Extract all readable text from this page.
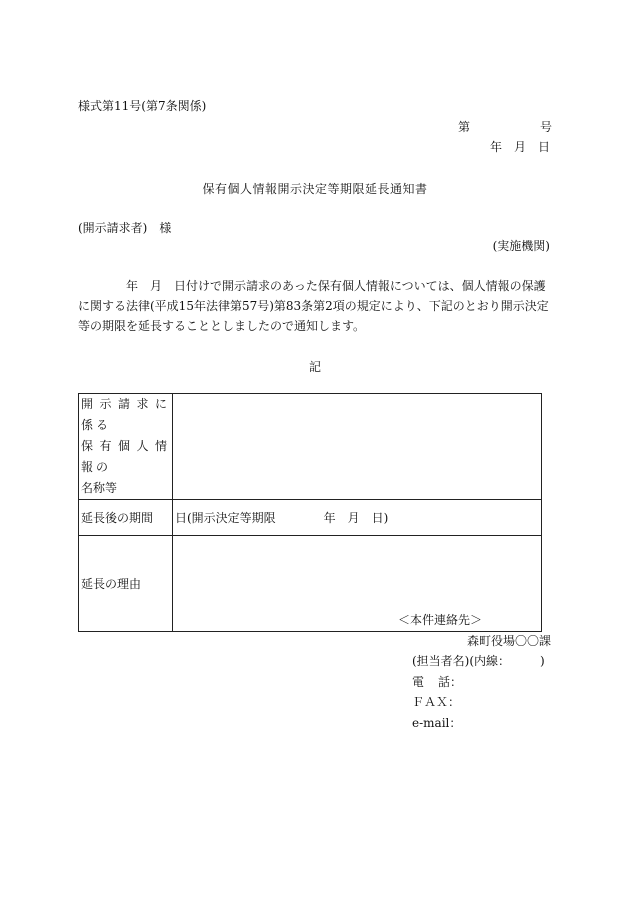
様式第11号(第7条関係)
第	号
年　月　日
保有個人情報開示決定等期限延長通知書
(開示請求者)　様
(実施機関)
年　月　日付けで開示請求のあった保有個人情報については、個人情報の保護に関する法律(平成15年法律第57号)第83条第2項の規定により、下記のとおり開示決定等の期限を延長することとしましたので通知します。
記
開示請求に係る
保有個人情報の
名称等	

延長後の期間	日(開示決定等期限　　　　年　月　日)
延長の理由	
＜本件連絡先＞
森町役場〇〇課
(担当者名)(内線：　　　)
電 話：
ＦＡＸ：
e-mail：
